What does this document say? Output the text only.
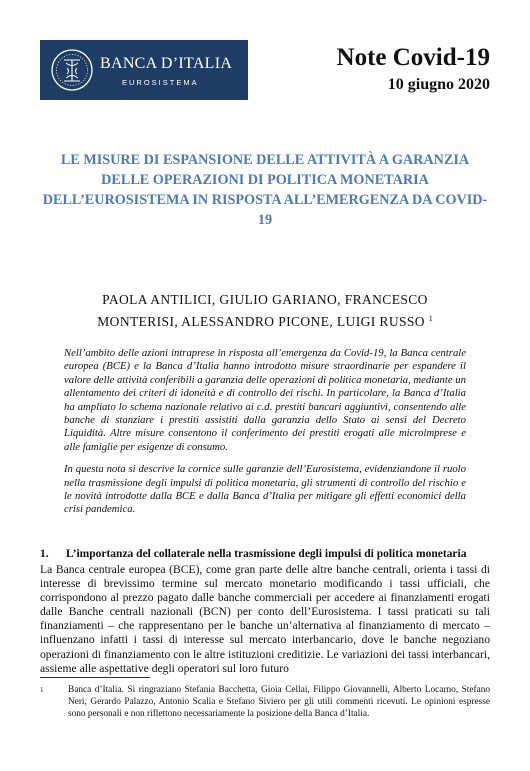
BANCA D’ITALIA
EUROSISTEMA
Note Covid-19
10 giugno 2020
LE MISURE DI ESPANSIONE DELLE ATTIVITÀ A GARANZIA DELLE OPERAZIONI DI POLITICA MONETARIA DELL’EUROSISTEMA IN RISPOSTA ALL’EMERGENZA DA COVID-19
PAOLA ANTILICI, GIULIO GARIANO, FRANCESCO
MONTERISI, ALESSANDRO PICONE, LUIGI RUSSO $^1$

Nell’ambito delle azioni intraprese in risposta all’emergenza da Covid-19, la Banca centrale europea (BCE) e la Banca d’Italia hanno introdotto misure straordinarie per espandere il valore delle attività conferibili a garanzia delle operazioni di politica monetaria, mediante un allentamento dei criteri di idoneità e di controllo dei rischi. In particolare, la Banca d’Italia ha ampliato lo schema nazionale relativo ai c.d. prestiti bancari aggiuntivi, consentendo alle banche di stanziare i prestiti assistiti dalla garanzia dello Stato ai sensi del Decreto Liquidità. Altre misure consentono il conferimento dei prestiti erogati alle microimprese e alle famiglie per esigenze di consumo.

In questa nota si descrive la cornice sulle garanzie dell’Eurosistema, evidenziandone il ruolo nella trasmissione degli impulsi di politica monetaria, gli strumenti di controllo del rischio e le novità introdotte dalla BCE e dalla Banca d’Italia per mitigare gli effetti economici della crisi pandemica.

1. L’importanza del collaterale nella trasmissione degli impulsi di politica monetaria

La Banca centrale europea (BCE), come gran parte delle altre banche centrali, orienta i tassi di interesse di brevissimo termine sul mercato monetario modificando i tassi ufficiali, che corrispondono al prezzo pagato dalle banche commerciali per accedere ai finanziamenti erogati dalle Banche centrali nazionali (BCN) per conto dell’Eurosistema. I tassi praticati su tali finanziamenti – che rappresentano per le banche un’alternativa al finanziamento di mercato – influenzano infatti i tassi di interesse sul mercato interbancario, dove le banche negoziano operazioni di finanziamento con le altre istituzioni creditizie. Le variazioni dei tassi interbancari, assieme alle aspettative degli operatori sul loro futuro

1	Banca d’Italia. Si ringraziano Stefania Bacchetta, Gioia Cellai, Filippo Giovannelli, Alberto Locarno, Stefano Neri, Gerardo Palazzo, Antonio Scalia e Stefano Siviero per gli utili commenti ricevuti. Le opinioni espresse sono personali e non riflettono necessariamente la posizione della Banca d’Italia.
